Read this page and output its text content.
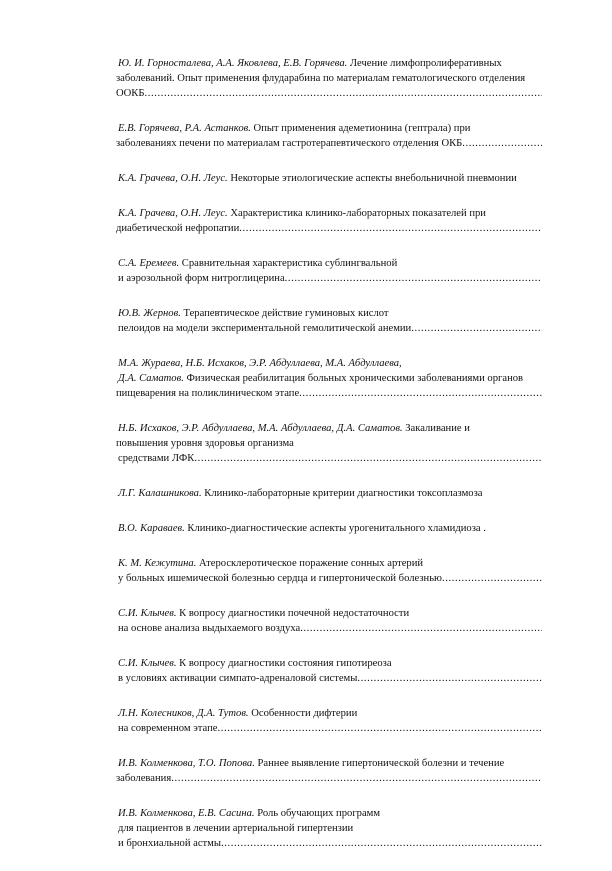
Ю. И. Горносталева, А.А. Яковлева, Е.В. Горячева. Лечение лимфопролиферативных
заболеваний. Опыт применения флударабина по материалам гематологического отделения
ООКБ
.....
Е.В. Горячева, Р.А. Астанков. Опыт применения адеметионина (гептрала) при
заболеваниях печени по материалам гастротерапевтического отделения ОКБ
.....
К.А. Грачева, О.Н. Леус. Некоторые этиологические аспекты внебольничной пневмонии
К.А. Грачева, О.Н. Леус. Характеристика клинико-лабораторных показателей при
диабетической нефропатии
.....
С.А. Еремеев. Сравнительная характеристика сублингвальной
и аэрозольной форм нитроглицерина
.....
Ю.В. Жернов. Терапевтическое действие гуминовых кислот
пелоидов на модели экспериментальной гемолитической анемии
.....
М.А. Жураева, Н.Б. Исхаков, Э.Р. Абдуллаева, М.А. Абдуллаева,
Д.А. Саматов. Физическая реабилитация больных хроническими заболеваниями органов
пищеварения на поликлиническом этапе
.....
Н.Б. Исхаков, Э.Р. Абдуллаева, М.А. Абдуллаева, Д.А. Саматов. Закаливание и
повышения уровня здоровья организма
средствами ЛФК
.....
Л.Г. Калашникова. Клинико-лабораторные критерии диагностики токсоплазмоза
В.О. Караваев. Клинико-диагностические аспекты урогенитального хламидиоза .
К. М. Кежутина. Атеросклеротическое поражение сонных артерий
у больных ишемической болезнью сердца и гипертонической болезнью
.....
С.И. Клычев. К вопросу диагностики почечной недостаточности
на основе анализа выдыхаемого воздуха
.....
С.И. Клычев. К вопросу диагностики состояния гипотиреоза
в условиях активации симпато-адреналовой системы
.....
Л.Н. Колесников, Д.А. Тутов. Особенности дифтерии
на современном этапе
.....
И.В. Колменкова, Т.О. Попова. Раннее выявление гипертонической болезни и течение
заболевания
.....
И.В. Колменкова, Е.В. Сасина. Роль обучающих программ
для пациентов в лечении артериальной гипертензии
и бронхиальной астмы
.....
